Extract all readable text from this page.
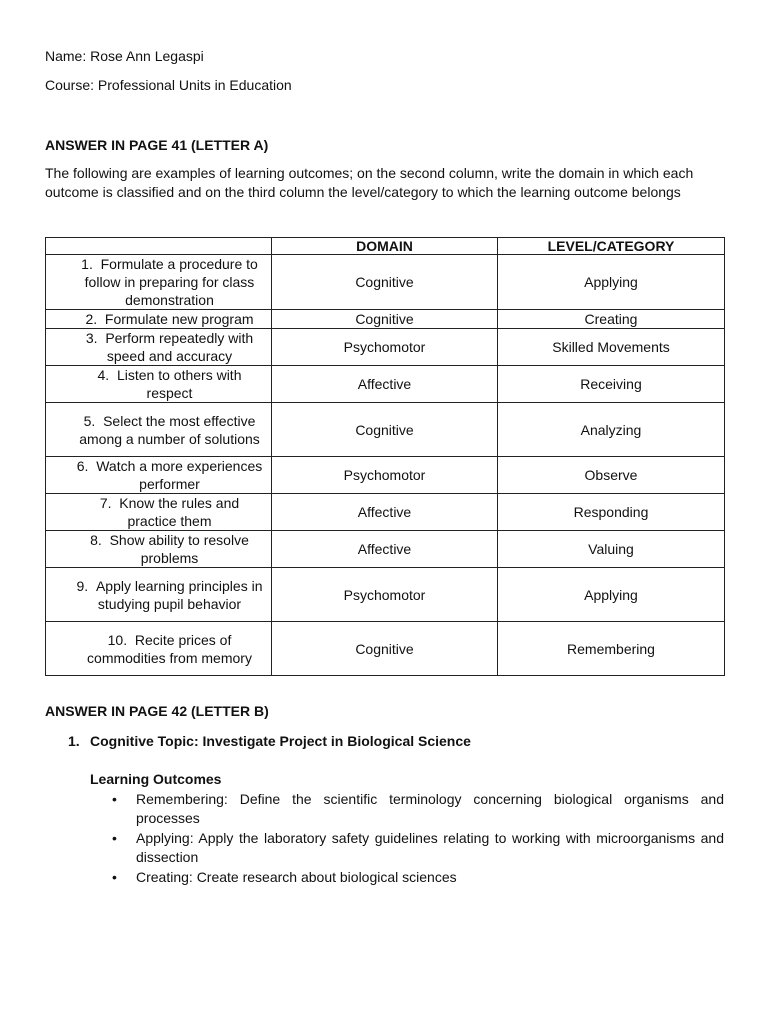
Name: Rose Ann Legaspi
Course: Professional Units in Education
ANSWER IN PAGE 41 (LETTER A)
The following are examples of learning outcomes; on the second column, write the domain in which each outcome is classified and on the third column the level/category to which the learning outcome belongs
	DOMAIN	LEVEL/CATEGORY

1. Formulate a procedure to follow in preparing for class demonstration	Cognitive	Applying

2. Formulate new program	Cognitive	Creating

3. Perform repeatedly with speed and accuracy	Psychomotor	Skilled Movements

4. Listen to others with respect	Affective	Receiving

5. Select the most effective among a number of solutions	Cognitive	Analyzing

6. Watch a more experiences performer	Psychomotor	Observe

7. Know the rules and practice them	Affective	Responding

8. Show ability to resolve problems	Affective	Valuing

9. Apply learning principles in studying pupil behavior	Psychomotor	Applying

10. Recite prices of commodities from memory	Cognitive	Remembering
ANSWER IN PAGE 42 (LETTER B)
1. Cognitive Topic: Investigate Project in Biological Science
Learning Outcomes
• Remembering: Define the scientific terminology concerning biological organisms and processes
• Applying: Apply the laboratory safety guidelines relating to working with microorganisms and dissection
• Creating: Create research about biological sciences
